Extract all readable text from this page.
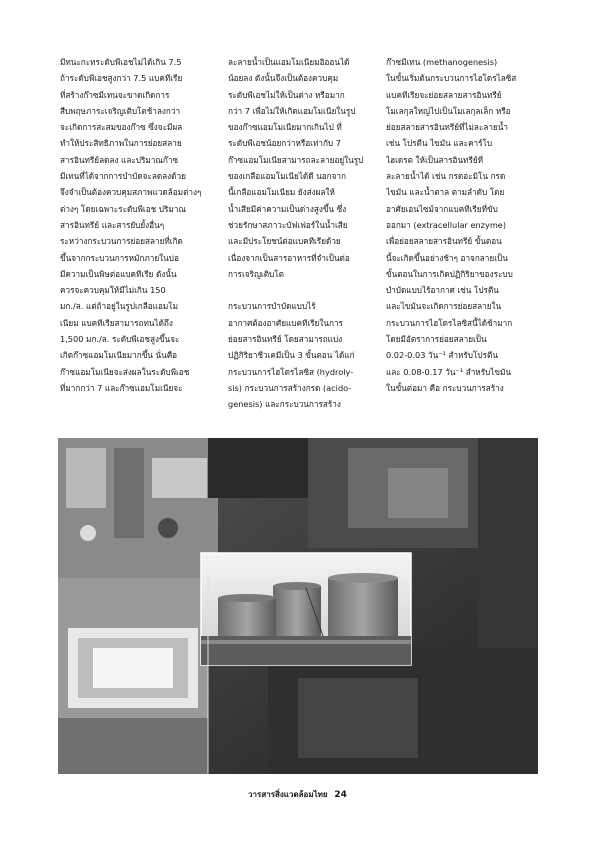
มีทนะกะทระดับพีเอชไม่ได้เกิน 7.5
ถ้าระดับพีเอชสูงกว่า 7.5 แบคทีเรีย
ที่สร้างก๊าซมีเทนจะขาดเกิดการ
สืบพฤษภาระเจริญเติบโตช้าลงกว่า
จะเกิดการสะสมของก๊าซ ซึ่งจะมีผล
ทำให้ประสิทธิภาพในการย่อยสลาย
สารอินทรีย์ลดลง และปริมาณก๊าซ
มีเทนที่ได้จากการบำบัดจะลดลงด้วย
จึงจำเป็นต้องควบคุมสภาพแวดล้อมต่างๆ
ต่างๆ โดยเฉพาะระดับพีเอช ปริมาณ
สารอินทรีย์ และสารยับยั้งอื่นๆ
ระหว่างกระบวนการย่อยสลายที่เกิด
ขึ้นจากกระบวนการหมักภายในบ่อ
มีความเป็นพิษต่อแบคทีเรีย ดังนั้น
ควรจะควบคุมให้มีไม่เกิน 150
มก./ล. แต่ถ้าอยู่ในรูปเกลือแอมโม
เนียม แบคทีเรียสามารถทนได้ถึง
1,500 มก./ล. ระดับพีเอชสูงขึ้นจะ
เกิดก๊าซแอมโมเนียมากขึ้น นั่นคือ
ก๊าซแอมโมเนียจะส่งผลในระดับพีเอช
ที่มากกว่า 7 และก๊าซแอมโมเนียจะ
ละลายน้ำเป็นแอมโมเนียมอิออนได้
น้อยลง ดังนั้นจึงเป็นต้องควบคุม
ระดับพีเอชไม่ให้เป็นด่าง หรือมาก
กว่า 7 เพื่อไม่ให้เกิดแอมโมเนียในรูป
ของก๊าซแอมโมเนียมากเกินไป ที่
ระดับพีเอชน้อยกว่าหรือเท่ากับ 7
ก๊าซแอมโมเนียสามารถละลายอยู่ในรูป
ของเกลือแอมโมเนียได้ดี นอกจาก
นี้เกลือแอมโมเนียม ยังส่งผลให้
น้ำเสียมีค่าความเป็นด่างสูงขึ้น ซึ่ง
ช่วยรักษาสภาวะบัฟเฟอร์ในน้ำเสีย
และมีประโยชน์ต่อแบคทีเรียด้วย
เนื่องจากเป็นสารอาหารที่จำเป็นต่อ
การเจริญเติบโต

กระบวนการบำบัดแบบไร้
อากาศต้องอาศัยแบคทีเรียในการ
ย่อยสารอินทรีย์ โดยสามารถแบ่ง
ปฏิกิริยาชีวเคมีเป็น 3 ขั้นตอน ได้แก่
กระบวนการไฮโดรไลซิส (hydroly-
sis) กระบวนการสร้างกรด (acido-
genesis) และกระบวนการสร้าง
ก๊าซมีเทน (methanogenesis)
ในขั้นเริ่มต้นกระบวนการไฮโดรไลซิส
แบคทีเรียจะย่อยสลายสารอินทรีย์
โมเลกุลใหญ่ไปเป็นโมเลกุลเล็ก หรือ
ย่อยสลายสารอินทรีย์ที่ไม่ละลายน้ำ
เช่น โปรตีน ไขมัน และคาร์โบ
ไฮเดรต ให้เป็นสารอินทรีย์ที่
ละลายน้ำได้ เช่น กรดอะมิโน กรด
ไขมัน และน้ำตาล ตามลำดับ โดย
อาศัยเอนไซม์จากแบคทีเรียที่ขับ
ออกมา (extracellular enzyme)
เพื่อย่อยสลายสารอินทรีย์ ขั้นตอน
นี้จะเกิดขึ้นอย่างช้าๆ อาจกลายเป็น
ขั้นตอนในการเกิดปฏิกิริยาของระบบ
บำบัดแบบไร้อากาศ เช่น โปรตีน
และไขมันจะเกิดการย่อยสลายใน
กระบวนการไฮโดรไลซิสนี้ได้ช้ามาก
โดยมีอัตราการย่อยสลายเป็น
0.02-0.03 วัน⁻¹ สำหรับโปรตีน
และ 0.08-0.17 วัน⁻¹ สำหรับไขมัน
ในขั้นต่อมา คือ กระบวนการสร้าง
วารสารสิ่งแวดล้อมไทย 24
